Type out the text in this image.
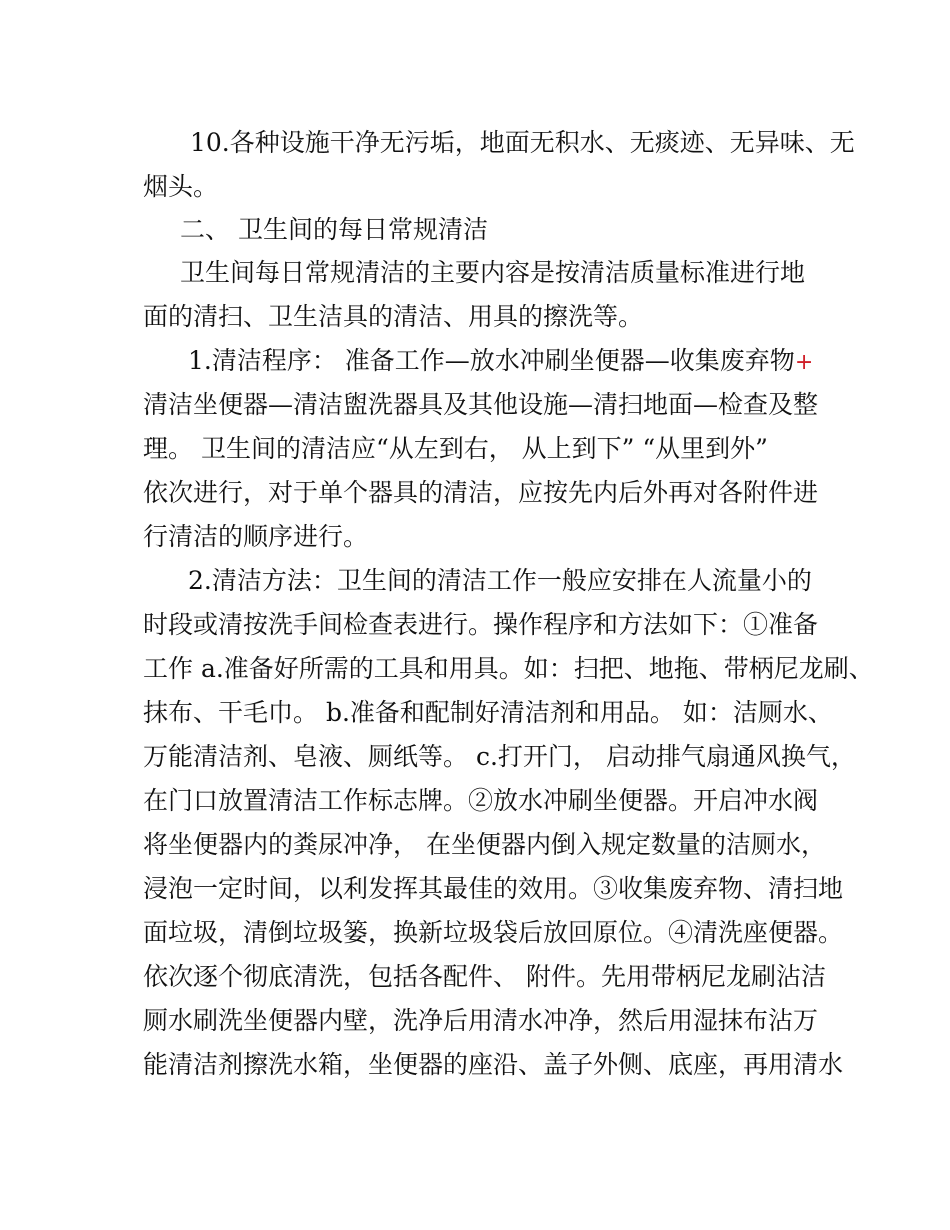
10.各种设施干净无污垢，地面无积水、无痰迹、无异味、无
烟头。
二、 卫生间的每日常规清洁
卫生间每日常规清洁的主要内容是按清洁质量标准进行地
面的清扫、卫生洁具的清洁、用具的擦洗等。
1.清洁程序： 准备工作—放水冲刷坐便器—收集废弃物+
清洁坐便器—清洁盥洗器具及其他设施—清扫地面—检查及整
理。 卫生间的清洁应“从左到右， 从上到下” “从里到外”
依次进行，对于单个器具的清洁，应按先内后外再对各附件进
行清洁的顺序进行。
2.清洁方法：卫生间的清洁工作一般应安排在人流量小的
时段或清按洗手间检查表进行。操作程序和方法如下：①准备
工作 a.准备好所需的工具和用具。如：扫把、地拖、带柄尼龙刷、
抹布、干毛巾。 b.准备和配制好清洁剂和用品。 如：洁厕水、
万能清洁剂、皂液、厕纸等。 c.打开门， 启动排气扇通风换气，
在门口放置清洁工作标志牌。②放水冲刷坐便器。开启冲水阀
将坐便器内的粪尿冲净， 在坐便器内倒入规定数量的洁厕水，
浸泡一定时间，以利发挥其最佳的效用。③收集废弃物、清扫地
面垃圾，清倒垃圾篓，换新垃圾袋后放回原位。④清洗座便器。
依次逐个彻底清洗，包括各配件、 附件。先用带柄尼龙刷沾洁
厕水刷洗坐便器内壁，洗净后用清水冲净，然后用湿抹布沾万
能清洁剂擦洗水箱，坐便器的座沿、盖子外侧、底座，再用清水
